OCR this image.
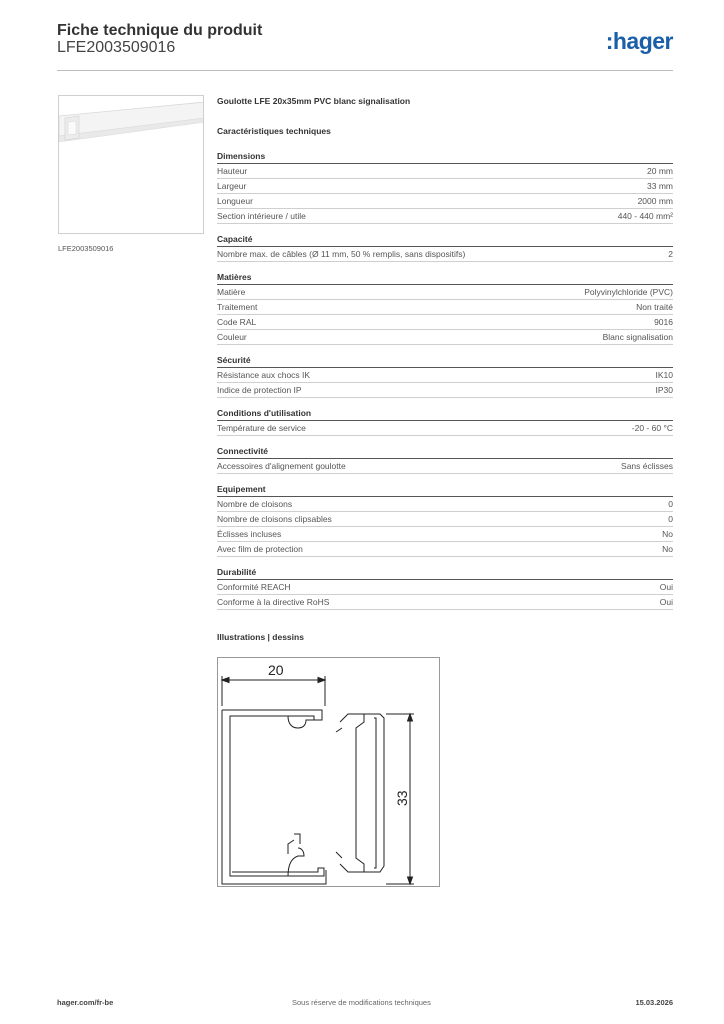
Fiche technique du produit
LFE2003509016	:hager
LFE2003509016
Goulotte LFE 20x35mm PVC blanc signalisation
Caractéristiques techniques
Dimensions
Hauteur	20 mm
Largeur	33 mm
Longueur	2000 mm
Section intérieure / utile	440 - 440 mm²
Capacité
Nombre max. de câbles (Ø 11 mm, 50 % remplis, sans dispositifs)	2
Matières
Matière	Polyvinylchloride (PVC)
Traitement	Non traité
Code RAL	9016
Couleur	Blanc signalisation
Sécurité
Résistance aux chocs IK	IK10
Indice de protection IP	IP30
Conditions d'utilisation
Température de service	-20 - 60 °C
Connectivité
Accessoires d'alignement goulotte	Sans éclisses
Equipement
Nombre de cloisons	0
Nombre de cloisons clipsables	0
Éclisses incluses	No
Avec film de protection	No
Durabilité
Conformité REACH	Oui
Conforme à la directive RoHS	Oui
Illustrations | dessins
20
33
hager.com/fr-be	Sous réserve de modifications techniques	15.03.2026
